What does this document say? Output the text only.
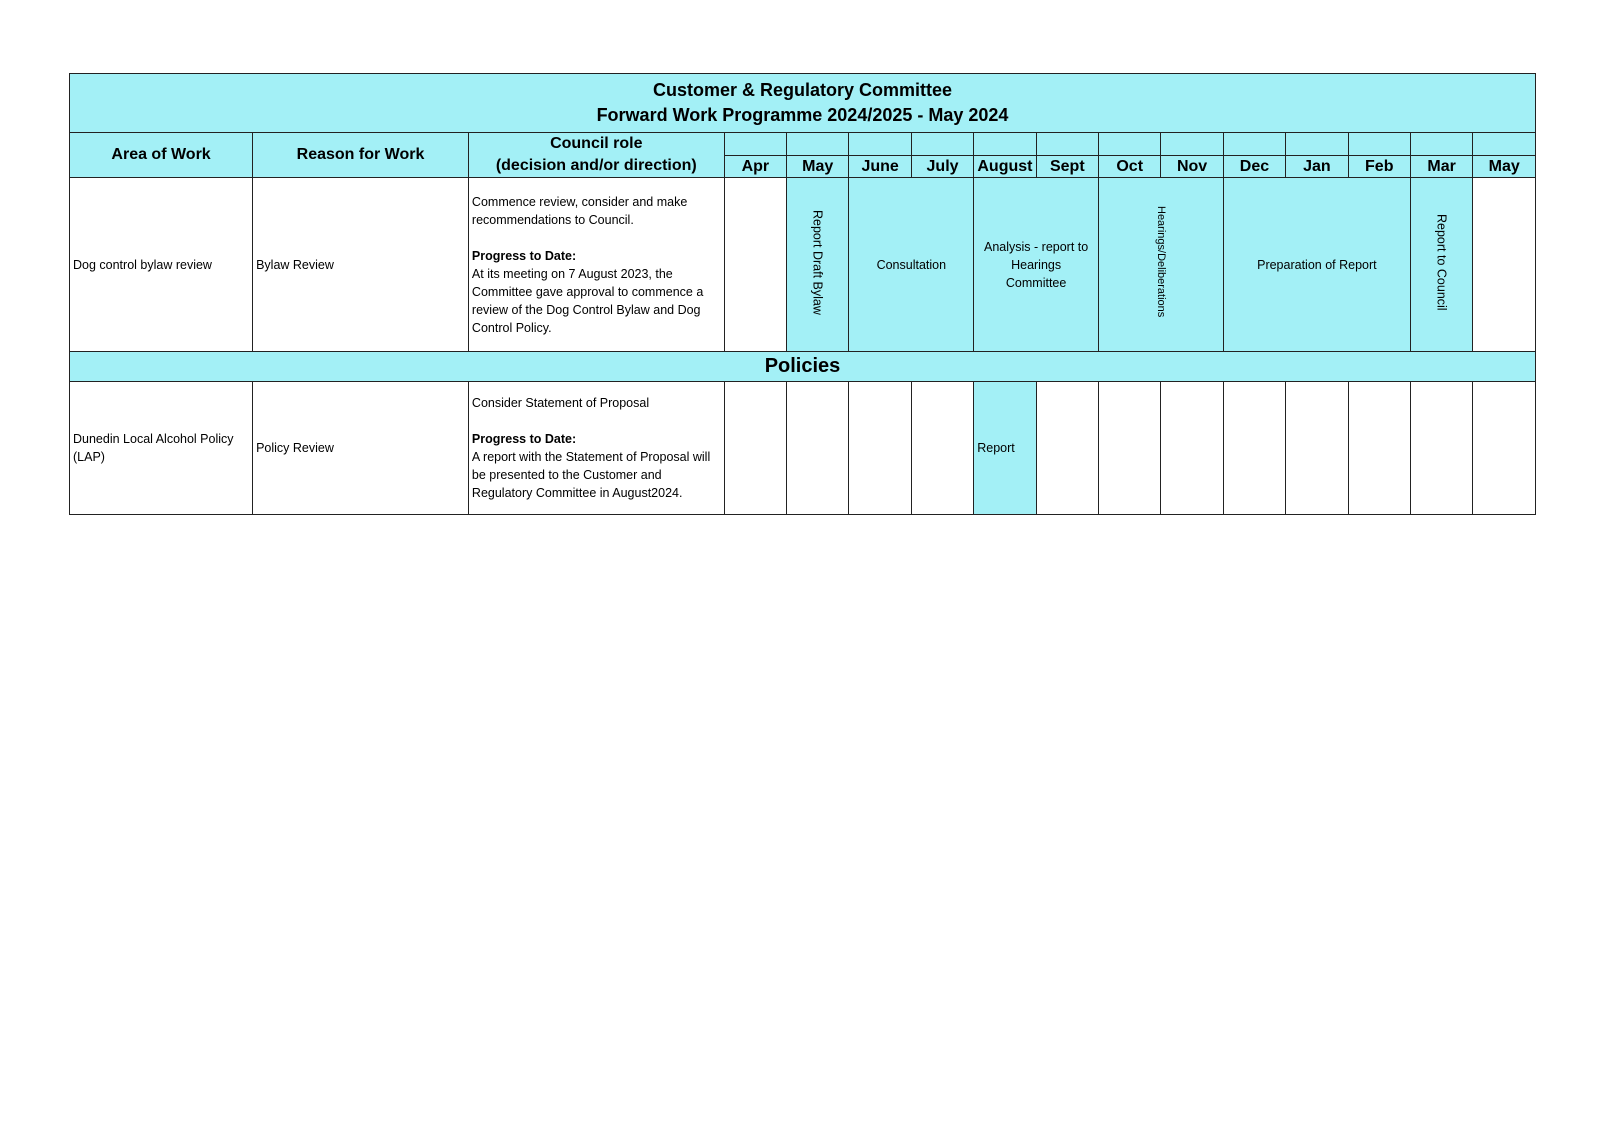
Customer & Regulatory Committee
Forward Work Programme 2024/2025 - May 2024															

Area of Work	Reason for Work	Council role
(decision and/or direction)													

			Apr	May	June	July	August	Sept	Oct	Nov	Dec	Jan	Feb	Mar	May
Dog control bylaw review	Bylaw Review	Commence review, consider and make recommendations to Council.
Progress to Date:
At its meeting on 7 August 2023, the Committee gave approval to commence a review of the Dog Control Bylaw and Dog Control Policy.		Report Draft Bylaw	Consultation		Analysis - report to Hearings Committee		Hearings/Deliberations		Preparation of Report			Report to Council	
Policies															
Dunedin Local Alcohol Policy (LAP)	Policy Review	Consider Statement of Proposal
Progress to Date:
A report with the Statement of Proposal will be presented to the Customer and Regulatory Committee in August2024.					Report								
